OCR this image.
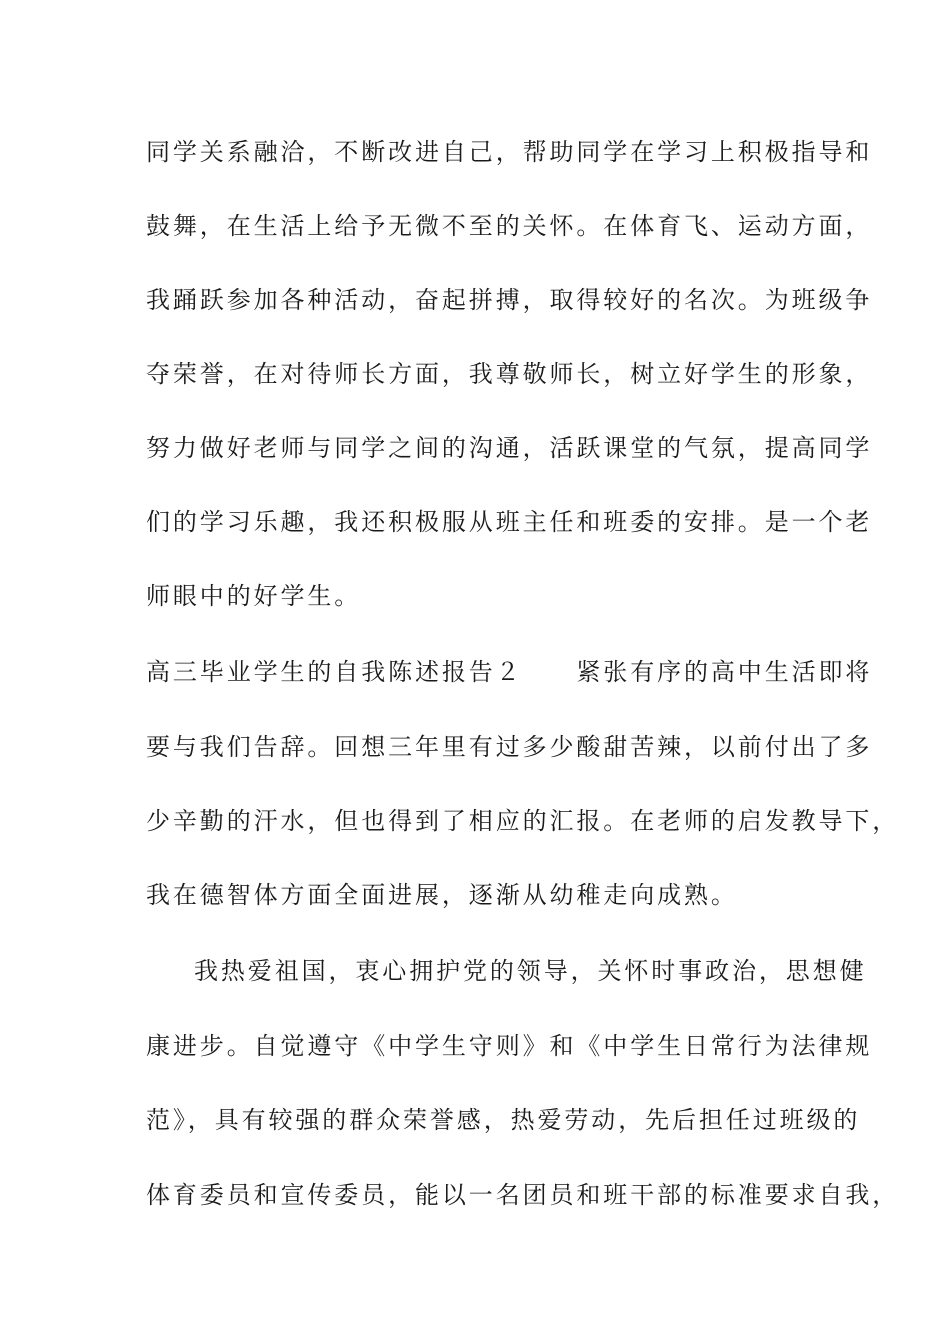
同学关系融洽，不断改进自己，帮助同学在学习上积极指导和
鼓舞，在生活上给予无微不至的关怀。在体育飞、运动方面，
我踊跃参加各种活动，奋起拼搏，取得较好的名次。为班级争
夺荣誉，在对待师长方面，我尊敬师长，树立好学生的形象，
努力做好老师与同学之间的沟通，活跃课堂的气氛，提高同学
们的学习乐趣，我还积极服从班主任和班委的安排。是一个老
师眼中的好学生。
高三毕业学生的自我陈述报告２　　紧张有序的高中生活即将
要与我们告辞。回想三年里有过多少酸甜苦辣，以前付出了多
少辛勤的汗水，但也得到了相应的汇报。在老师的启发教导下，
我在德智体方面全面进展，逐渐从幼稚走向成熟。
我热爱祖国，衷心拥护党的领导，关怀时事政治，思想健
康进步。自觉遵守《中学生守则》和《中学生日常行为法律规
范》，具有较强的群众荣誉感，热爱劳动，先后担任过班级的
体育委员和宣传委员，能以一名团员和班干部的标准要求自我，
